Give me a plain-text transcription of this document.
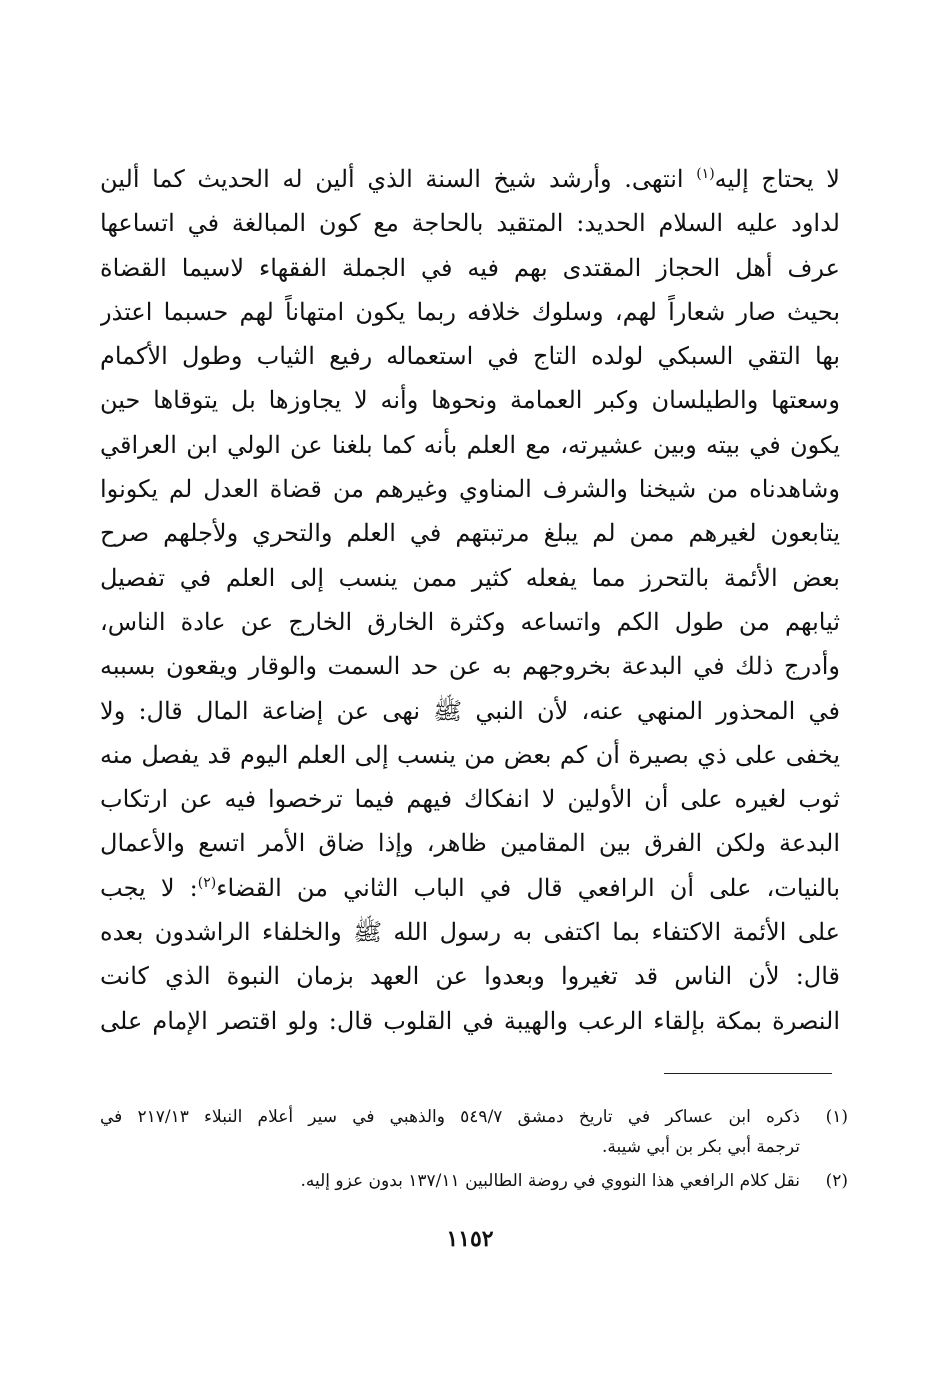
لا يحتاج إليه$^{(١)}$ انتهى. وأرشد شيخ السنة الذي ألين له الحديث كما ألين
لداود عليه السلام الحديد: المتقيد بالحاجة مع كون المبالغة في اتساعها
عرف أهل الحجاز المقتدى بهم فيه في الجملة الفقهاء لاسيما القضاة
بحيث صار شعاراً لهم، وسلوك خلافه ربما يكون امتهاناً لهم حسبما اعتذر
بها التقي السبكي لولده التاج في استعماله رفيع الثياب وطول الأكمام
وسعتها والطيلسان وكبر العمامة ونحوها وأنه لا يجاوزها بل يتوقاها حين
يكون في بيته وبين عشيرته، مع العلم بأنه كما بلغنا عن الولي ابن العراقي
وشاهدناه من شيخنا والشرف المناوي وغيرهم من قضاة العدل لم يكونوا
يتابعون لغيرهم ممن لم يبلغ مرتبتهم في العلم والتحري ولأجلهم صرح
بعض الأئمة بالتحرز مما يفعله كثير ممن ينسب إلى العلم في تفصيل
ثيابهم من طول الكم واتساعه وكثرة الخارق الخارج عن عادة الناس،
وأدرج ذلك في البدعة بخروجهم به عن حد السمت والوقار ويقعون بسببه
في المحذور المنهي عنه، لأن النبي ﷺ نهى عن إضاعة المال قال: ولا
يخفى على ذي بصيرة أن كم بعض من ينسب إلى العلم اليوم قد يفصل منه
ثوب لغيره على أن الأولين لا انفكاك فيهم فيما ترخصوا فيه عن ارتكاب
البدعة ولكن الفرق بين المقامين ظاهر، وإذا ضاق الأمر اتسع والأعمال
بالنيات، على أن الرافعي قال في الباب الثاني من القضاء$^{(٢)}$: لا يجب
على الأئمة الاكتفاء بما اكتفى به رسول الله ﷺ والخلفاء الراشدون بعده
قال: لأن الناس قد تغيروا وبعدوا عن العهد بزمان النبوة الذي كانت
النصرة بمكة بإلقاء الرعب والهيبة في القلوب قال: ولو اقتصر الإمام على
(١)
ذكره ابن عساكر في تاريخ دمشق ٥٤٩/٧ والذهبي في سير أعلام النبلاء ٢١٧/١٣ في
ترجمة أبي بكر بن أبي شيبة.
(٢)
نقل كلام الرافعي هذا النووي في روضة الطالبين ١٣٧/١١ بدون عزو إليه.
١١٥٢
